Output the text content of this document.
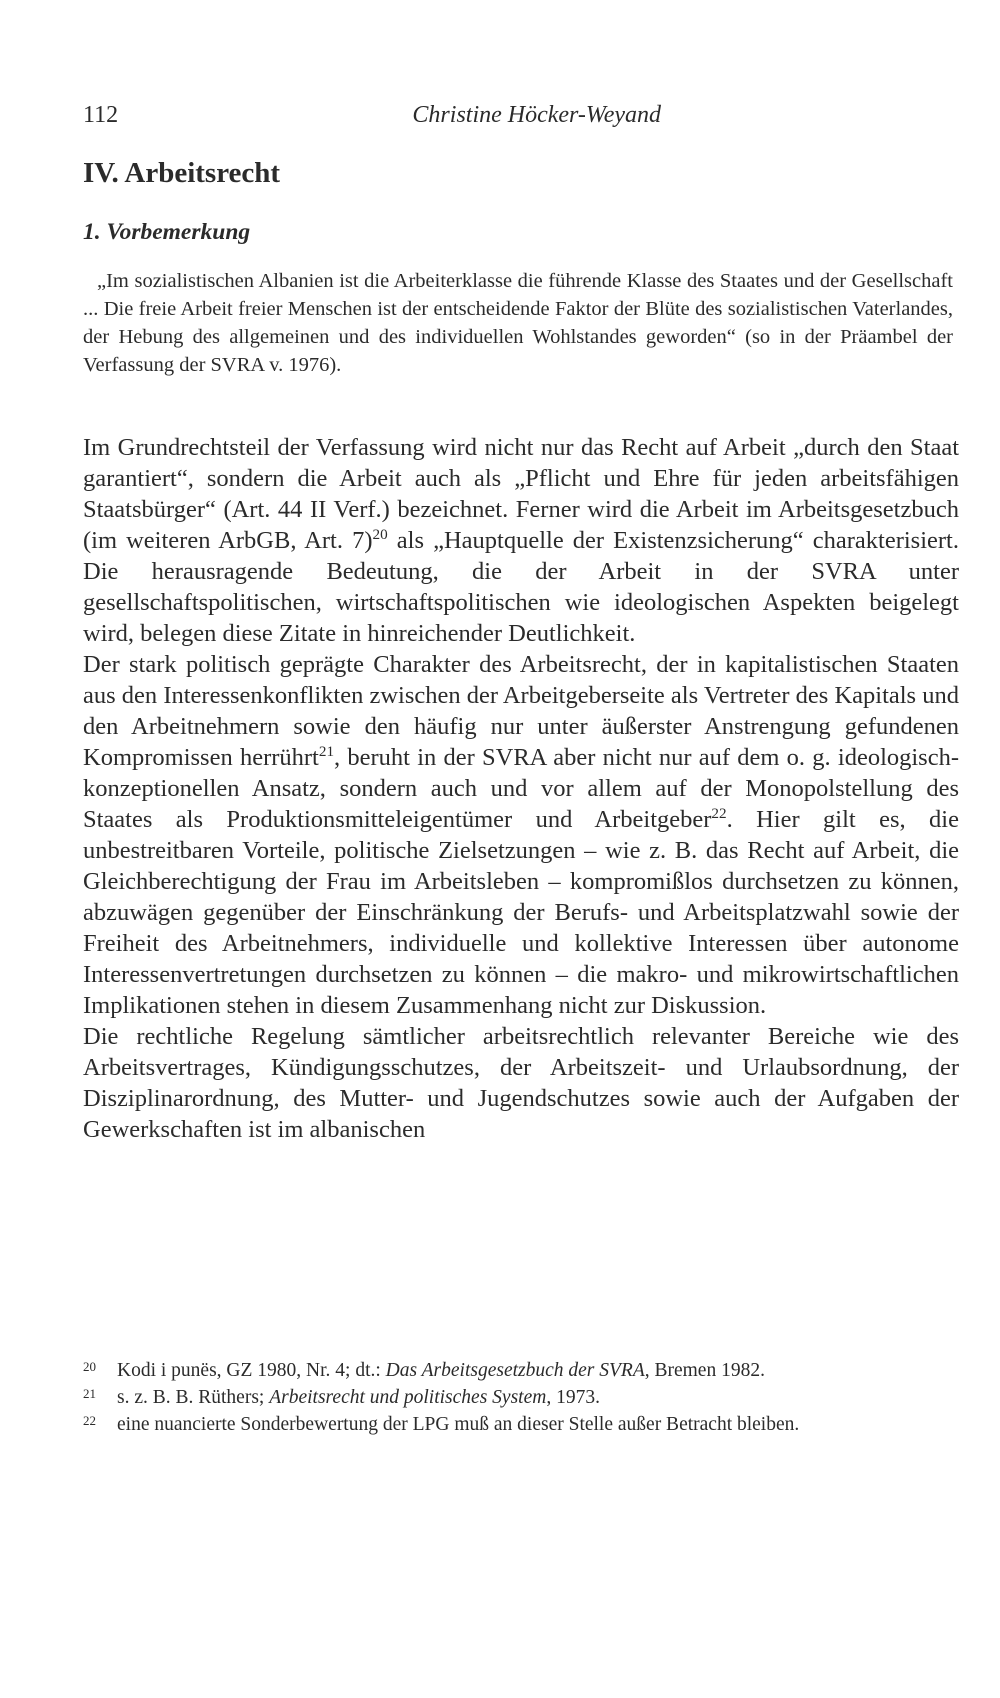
112	Christine Höcker-Weyand
IV. Arbeitsrecht
1. Vorbemerkung

„Im sozialistischen Albanien ist die Arbeiterklasse die führende Klasse des Staates und der Gesellschaft ... Die freie Arbeit freier Menschen ist der entscheidende Faktor der Blüte des sozialistischen Vaterlandes, der Hebung des allgemeinen und des individuellen Wohlstandes geworden“ (so in der Präambel der Verfassung der SVRA v. 1976).

Im Grundrechtsteil der Verfassung wird nicht nur das Recht auf Arbeit „durch den Staat garantiert“, sondern die Arbeit auch als „Pflicht und Ehre für jeden arbeitsfähigen Staatsbürger“ (Art. 44 II Verf.) bezeichnet. Ferner wird die Arbeit im Arbeitsgesetzbuch (im weiteren ArbGB, Art. 7)$^{20}$ als „Hauptquelle der Existenzsicherung“ charakterisiert. Die herausragende Bedeutung, die der Arbeit in der SVRA unter gesellschaftspolitischen, wirtschaftspolitischen wie ideologischen Aspekten beigelegt wird, belegen diese Zitate in hinreichender Deutlichkeit.

Der stark politisch geprägte Charakter des Arbeitsrecht, der in kapitalistischen Staaten aus den Interessenkonflikten zwischen der Arbeitgeberseite als Vertreter des Kapitals und den Arbeitnehmern sowie den häufig nur unter äußerster Anstrengung gefundenen Kompromissen herrührt$^{21}$, beruht in der SVRA aber nicht nur auf dem o. g. ideologisch-konzeptionellen Ansatz, sondern auch und vor allem auf der Monopolstellung des Staates als Produktionsmitteleigentümer und Arbeitgeber$^{22}$. Hier gilt es, die unbestreitbaren Vorteile, politische Zielsetzungen – wie z. B. das Recht auf Arbeit, die Gleichberechtigung der Frau im Arbeitsleben – kompromißlos durchsetzen zu können, abzuwägen gegenüber der Einschränkung der Berufs- und Arbeitsplatzwahl sowie der Freiheit des Arbeitnehmers, individuelle und kollektive Interessen über autonome Interessenvertretungen durchsetzen zu können – die makro- und mikrowirtschaftlichen Implikationen stehen in diesem Zusammenhang nicht zur Diskussion.

Die rechtliche Regelung sämtlicher arbeitsrechtlich relevanter Bereiche wie des Arbeitsvertrages, Kündigungsschutzes, der Arbeitszeit- und Urlaubsordnung, der Disziplinarordnung, des Mutter- und Jugendschutzes sowie auch der Aufgaben der Gewerkschaften ist im albanischen

20 Kodi i punës, GZ 1980, Nr. 4; dt.: Das Arbeitsgesetzbuch der SVRA, Bremen 1982.
21 s. z. B. B. Rüthers; Arbeitsrecht und politisches System, 1973.
22 eine nuancierte Sonderbewertung der LPG muß an dieser Stelle außer Betracht bleiben.
